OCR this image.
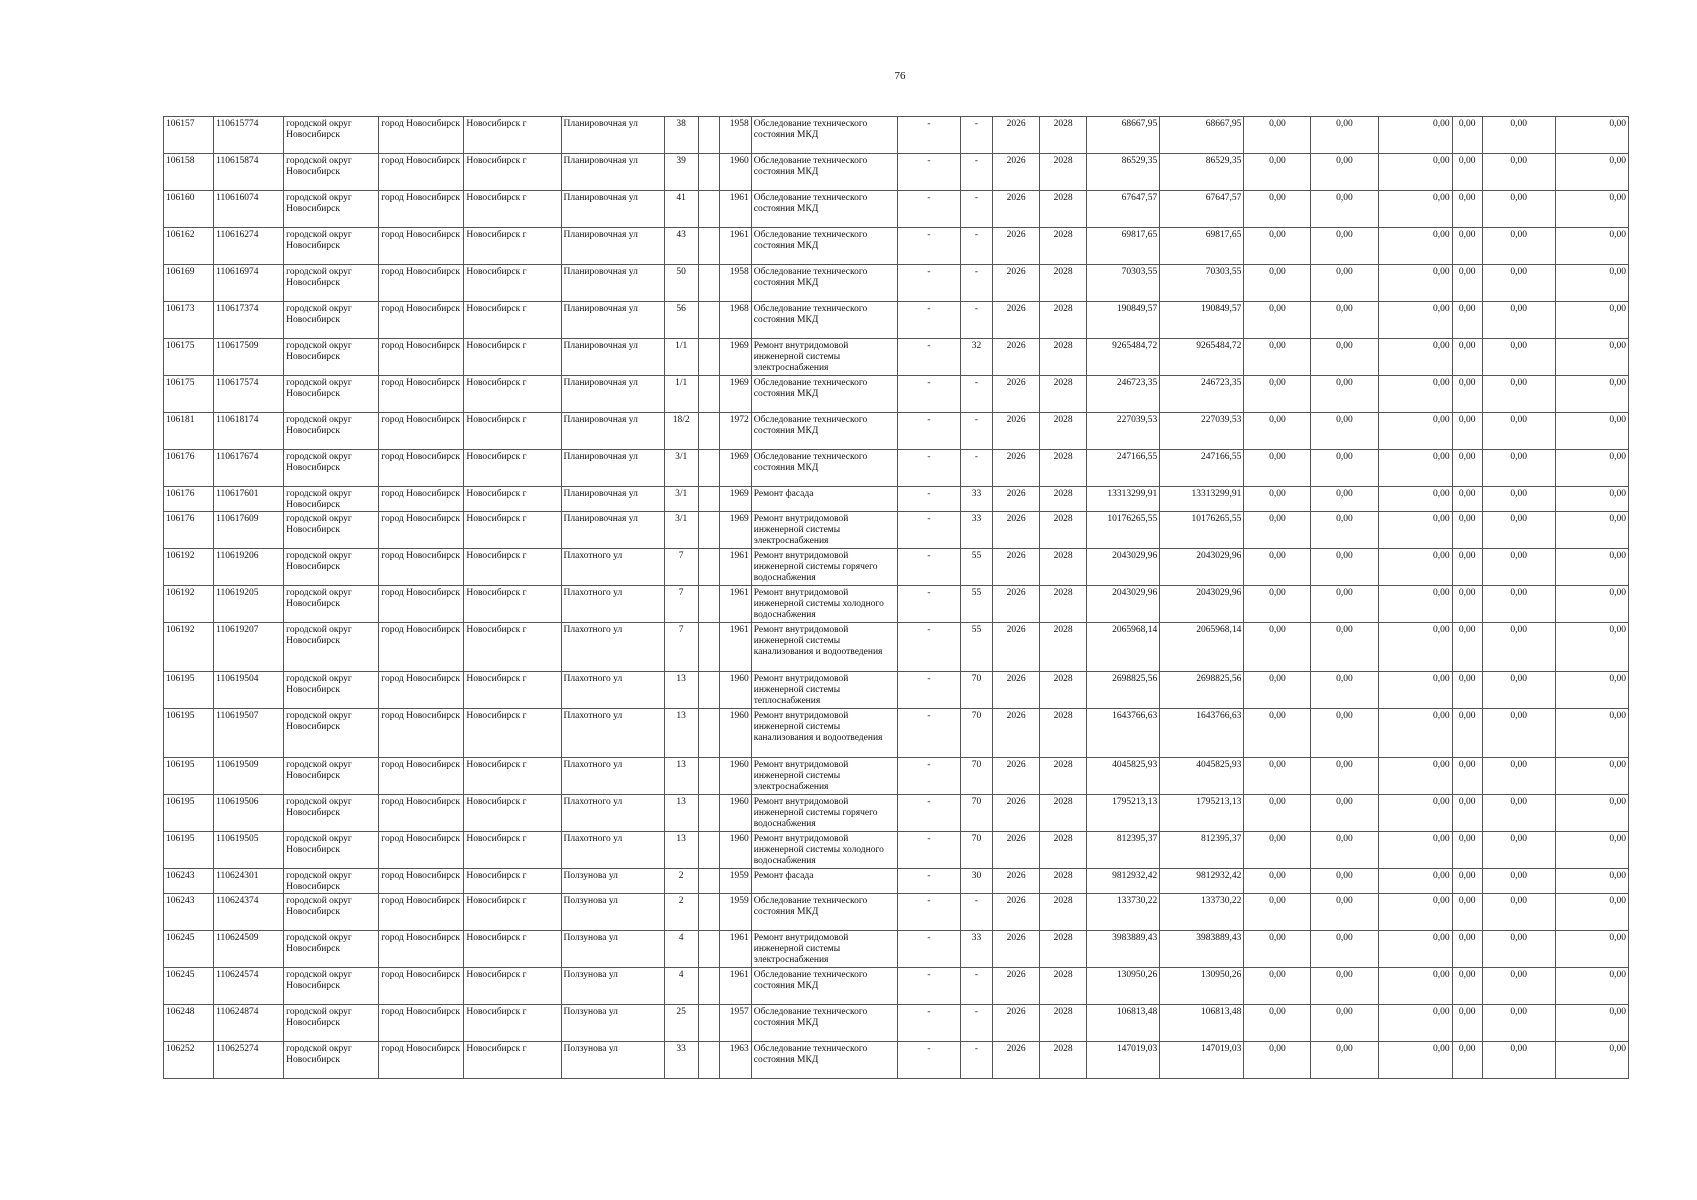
76
106157	110615774	городской округ Новосибирск	город Новосибирск	Новосибирск г	Планировочная ул	38		1958	Обследование технического состояния МКД	-	-	2026	2028	68667,95	68667,95	0,00	0,00	0,00	0,00	0,00	0,00
106158	110615874	городской округ Новосибирск	город Новосибирск	Новосибирск г	Планировочная ул	39		1960	Обследование технического состояния МКД	-	-	2026	2028	86529,35	86529,35	0,00	0,00	0,00	0,00	0,00	0,00
106160	110616074	городской округ Новосибирск	город Новосибирск	Новосибирск г	Планировочная ул	41		1961	Обследование технического состояния МКД	-	-	2026	2028	67647,57	67647,57	0,00	0,00	0,00	0,00	0,00	0,00
106162	110616274	городской округ Новосибирск	город Новосибирск	Новосибирск г	Планировочная ул	43		1961	Обследование технического состояния МКД	-	-	2026	2028	69817,65	69817,65	0,00	0,00	0,00	0,00	0,00	0,00
106169	110616974	городской округ Новосибирск	город Новосибирск	Новосибирск г	Планировочная ул	50		1958	Обследование технического состояния МКД	-	-	2026	2028	70303,55	70303,55	0,00	0,00	0,00	0,00	0,00	0,00
106173	110617374	городской округ Новосибирск	город Новосибирск	Новосибирск г	Планировочная ул	56		1968	Обследование технического состояния МКД	-	-	2026	2028	190849,57	190849,57	0,00	0,00	0,00	0,00	0,00	0,00
106175	110617509	городской округ Новосибирск	город Новосибирск	Новосибирск г	Планировочная ул	1/1		1969	Ремонт внутридомовой инженерной системы электроснабжения	-	32	2026	2028	9265484,72	9265484,72	0,00	0,00	0,00	0,00	0,00	0,00
106175	110617574	городской округ Новосибирск	город Новосибирск	Новосибирск г	Планировочная ул	1/1		1969	Обследование технического состояния МКД	-	-	2026	2028	246723,35	246723,35	0,00	0,00	0,00	0,00	0,00	0,00
106181	110618174	городской округ Новосибирск	город Новосибирск	Новосибирск г	Планировочная ул	18/2		1972	Обследование технического состояния МКД	-	-	2026	2028	227039,53	227039,53	0,00	0,00	0,00	0,00	0,00	0,00
106176	110617674	городской округ Новосибирск	город Новосибирск	Новосибирск г	Планировочная ул	3/1		1969	Обследование технического состояния МКД	-	-	2026	2028	247166,55	247166,55	0,00	0,00	0,00	0,00	0,00	0,00
106176	110617601	городской округ Новосибирск	город Новосибирск	Новосибирск г	Планировочная ул	3/1		1969	Ремонт фасада	-	33	2026	2028	13313299,91	13313299,91	0,00	0,00	0,00	0,00	0,00	0,00
106176	110617609	городской округ Новосибирск	город Новосибирск	Новосибирск г	Планировочная ул	3/1		1969	Ремонт внутридомовой инженерной системы электроснабжения	-	33	2026	2028	10176265,55	10176265,55	0,00	0,00	0,00	0,00	0,00	0,00
106192	110619206	городской округ Новосибирск	город Новосибирск	Новосибирск г	Плахотного ул	7		1961	Ремонт внутридомовой инженерной системы горячего водоснабжения	-	55	2026	2028	2043029,96	2043029,96	0,00	0,00	0,00	0,00	0,00	0,00
106192	110619205	городской округ Новосибирск	город Новосибирск	Новосибирск г	Плахотного ул	7		1961	Ремонт внутридомовой инженерной системы холодного водоснабжения	-	55	2026	2028	2043029,96	2043029,96	0,00	0,00	0,00	0,00	0,00	0,00
106192	110619207	городской округ Новосибирск	город Новосибирск	Новосибирск г	Плахотного ул	7		1961	Ремонт внутридомовой инженерной системы канализования и водоотведения	-	55	2026	2028	2065968,14	2065968,14	0,00	0,00	0,00	0,00	0,00	0,00
106195	110619504	городской округ Новосибирск	город Новосибирск	Новосибирск г	Плахотного ул	13		1960	Ремонт внутридомовой инженерной системы теплоснабжения	-	70	2026	2028	2698825,56	2698825,56	0,00	0,00	0,00	0,00	0,00	0,00
106195	110619507	городской округ Новосибирск	город Новосибирск	Новосибирск г	Плахотного ул	13		1960	Ремонт внутридомовой инженерной системы канализования и водоотведения	-	70	2026	2028	1643766,63	1643766,63	0,00	0,00	0,00	0,00	0,00	0,00
106195	110619509	городской округ Новосибирск	город Новосибирск	Новосибирск г	Плахотного ул	13		1960	Ремонт внутридомовой инженерной системы электроснабжения	-	70	2026	2028	4045825,93	4045825,93	0,00	0,00	0,00	0,00	0,00	0,00
106195	110619506	городской округ Новосибирск	город Новосибирск	Новосибирск г	Плахотного ул	13		1960	Ремонт внутридомовой инженерной системы горячего водоснабжения	-	70	2026	2028	1795213,13	1795213,13	0,00	0,00	0,00	0,00	0,00	0,00
106195	110619505	городской округ Новосибирск	город Новосибирск	Новосибирск г	Плахотного ул	13		1960	Ремонт внутридомовой инженерной системы холодного водоснабжения	-	70	2026	2028	812395,37	812395,37	0,00	0,00	0,00	0,00	0,00	0,00
106243	110624301	городской округ Новосибирск	город Новосибирск	Новосибирск г	Ползунова ул	2		1959	Ремонт фасада	-	30	2026	2028	9812932,42	9812932,42	0,00	0,00	0,00	0,00	0,00	0,00
106243	110624374	городской округ Новосибирск	город Новосибирск	Новосибирск г	Ползунова ул	2		1959	Обследование технического состояния МКД	-	-	2026	2028	133730,22	133730,22	0,00	0,00	0,00	0,00	0,00	0,00
106245	110624509	городской округ Новосибирск	город Новосибирск	Новосибирск г	Ползунова ул	4		1961	Ремонт внутридомовой инженерной системы электроснабжения	-	33	2026	2028	3983889,43	3983889,43	0,00	0,00	0,00	0,00	0,00	0,00
106245	110624574	городской округ Новосибирск	город Новосибирск	Новосибирск г	Ползунова ул	4		1961	Обследование технического состояния МКД	-	-	2026	2028	130950,26	130950,26	0,00	0,00	0,00	0,00	0,00	0,00
106248	110624874	городской округ Новосибирск	город Новосибирск	Новосибирск г	Ползунова ул	25		1957	Обследование технического состояния МКД	-	-	2026	2028	106813,48	106813,48	0,00	0,00	0,00	0,00	0,00	0,00
106252	110625274	городской округ Новосибирск	город Новосибирск	Новосибирск г	Ползунова ул	33		1963	Обследование технического состояния МКД	-	-	2026	2028	147019,03	147019,03	0,00	0,00	0,00	0,00	0,00	0,00
